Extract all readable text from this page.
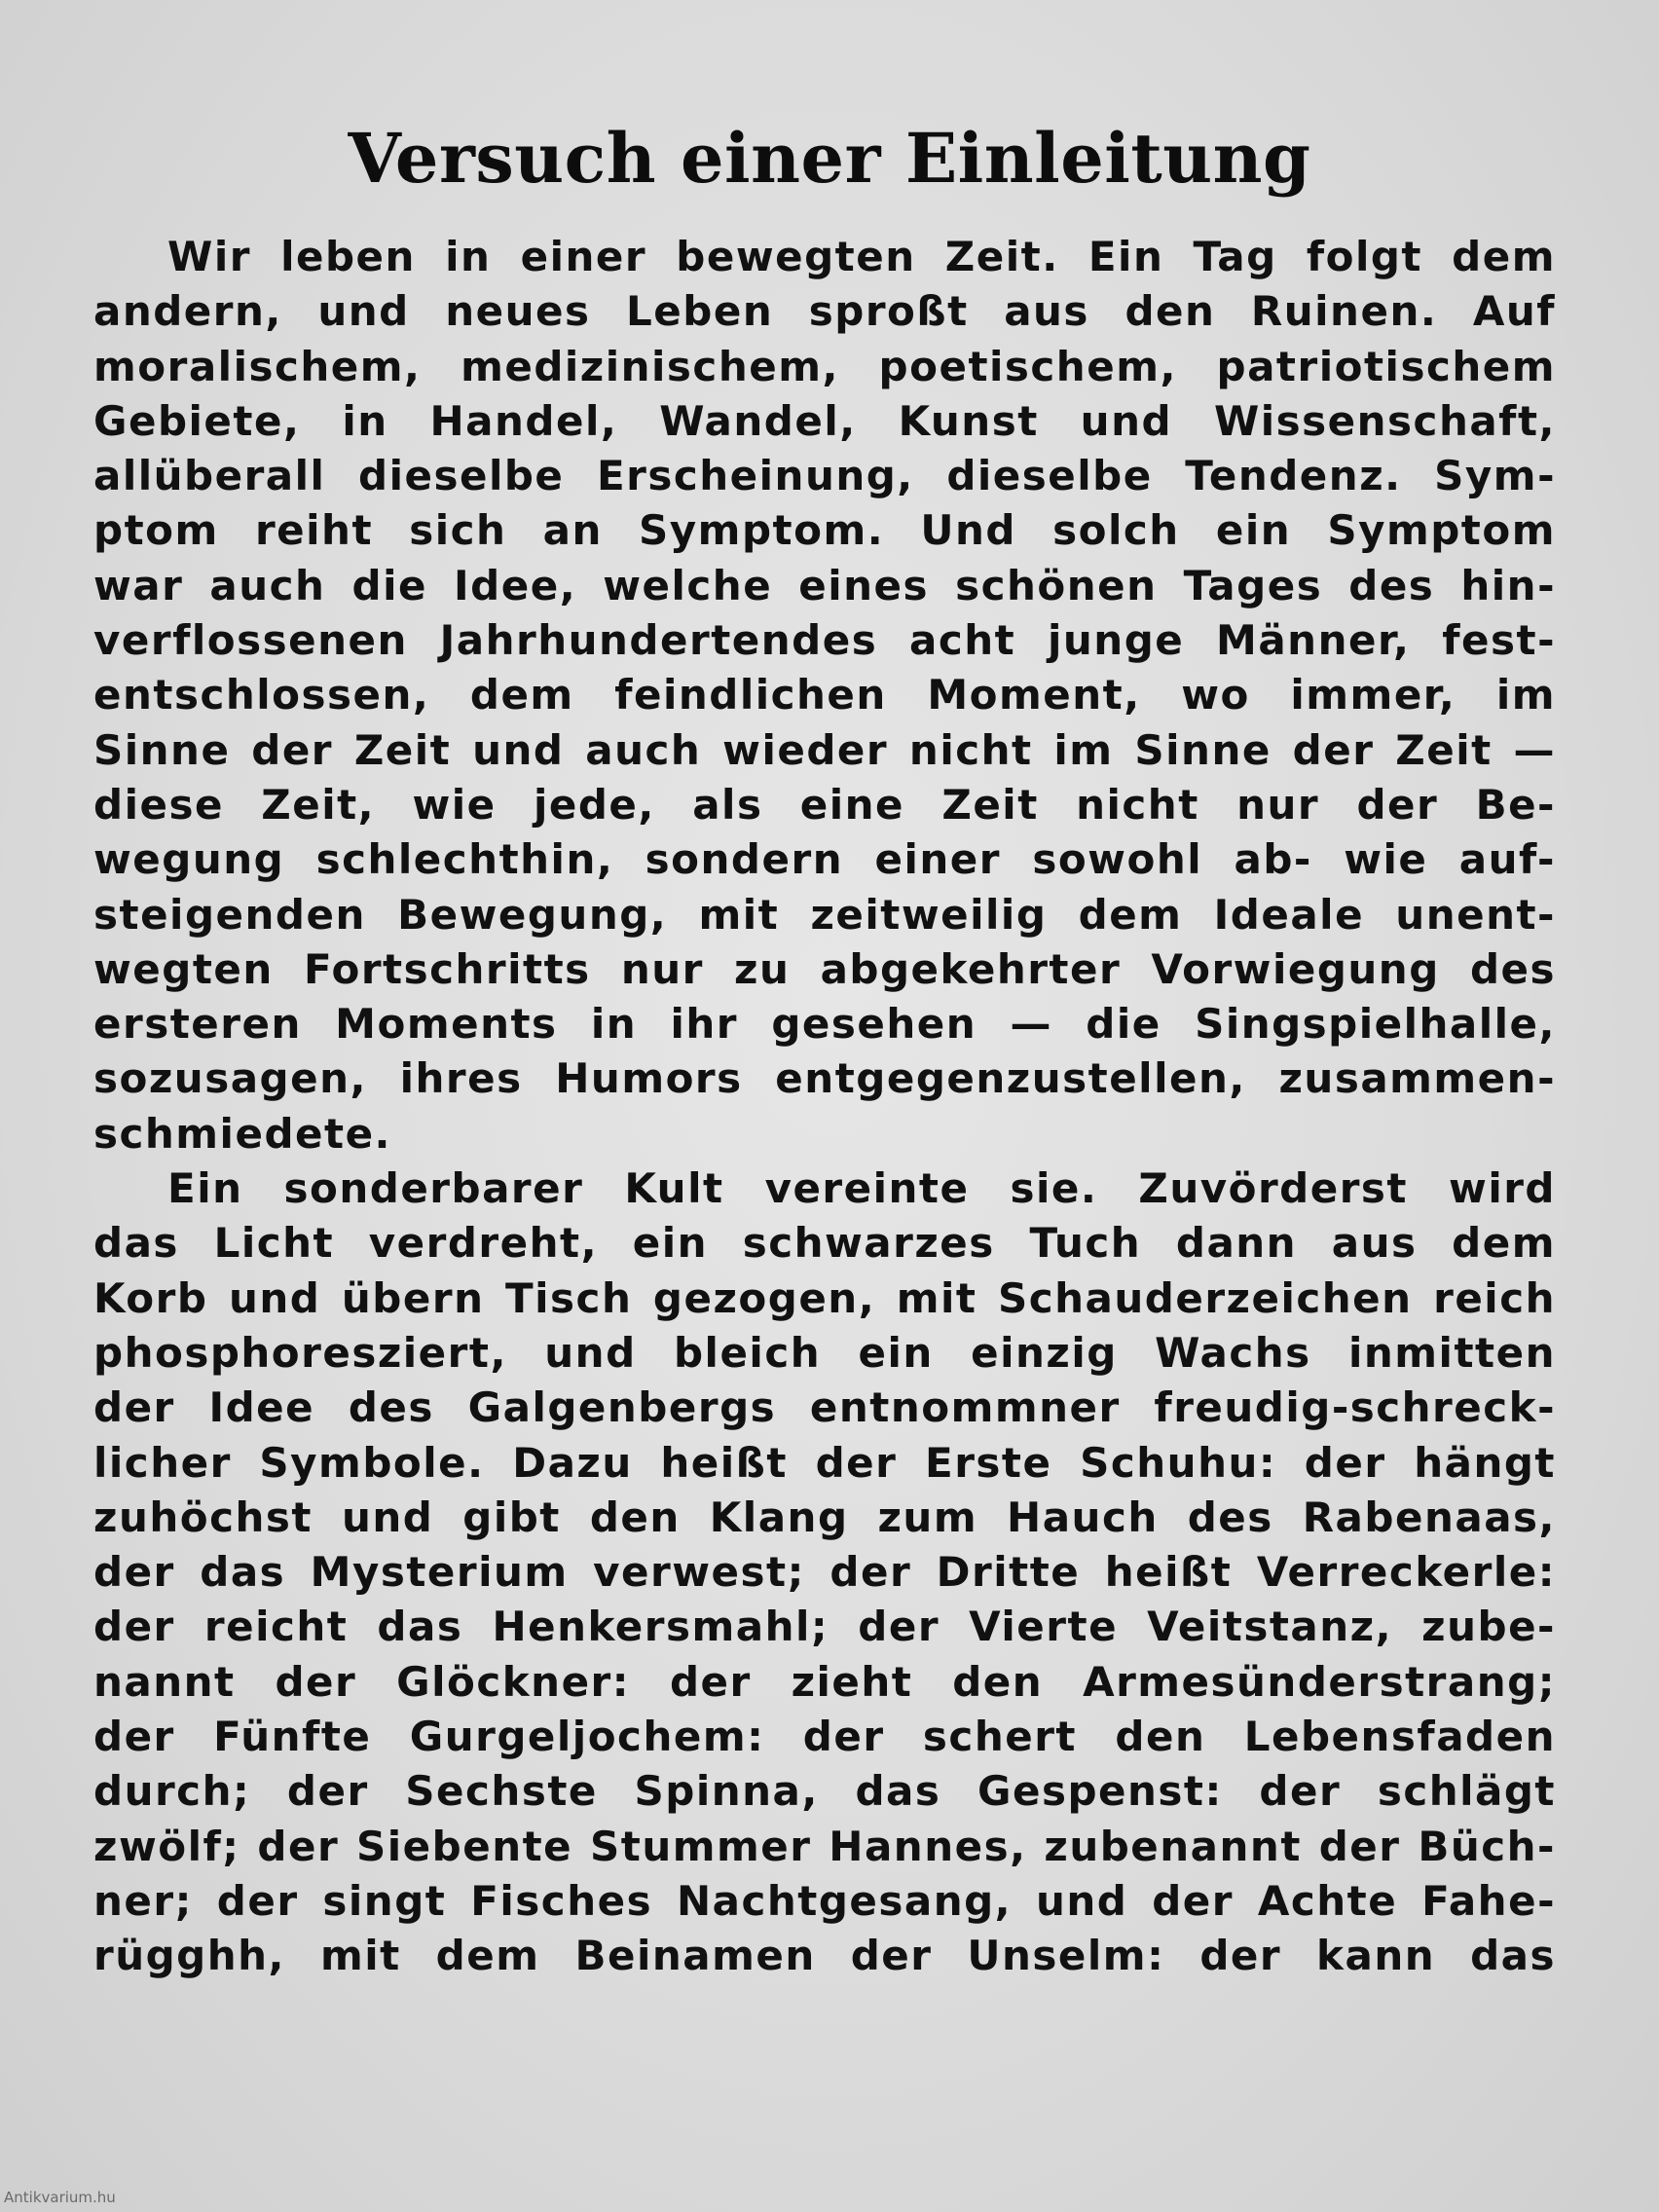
Versuch einer Einleitung
Wir leben in einer bewegten Zeit. Ein Tag folgt dem
andern, und neues Leben sproßt aus den Ruinen. Auf
moralischem, medizinischem, poetischem, patriotischem
Gebiete, in Handel, Wandel, Kunst und Wissenschaft,
allüberall dieselbe Erscheinung, dieselbe Tendenz. Sym-
ptom reiht sich an Symptom. Und solch ein Symptom
war auch die Idee, welche eines schönen Tages des hin-
verflossenen Jahrhundertendes acht junge Männer, fest-
entschlossen, dem feindlichen Moment, wo immer, im
Sinne der Zeit und auch wieder nicht im Sinne der Zeit —
diese Zeit, wie jede, als eine Zeit nicht nur der Be-
wegung schlechthin, sondern einer sowohl ab- wie auf-
steigenden Bewegung, mit zeitweilig dem Ideale unent-
wegten Fortschritts nur zu abgekehrter Vorwiegung des
ersteren Moments in ihr gesehen — die Singspielhalle,
sozusagen, ihres Humors entgegenzustellen, zusammen-
schmiedete.
Ein sonderbarer Kult vereinte sie. Zuvörderst wird
das Licht verdreht, ein schwarzes Tuch dann aus dem
Korb und übern Tisch gezogen, mit Schauderzeichen reich
phosphoresziert, und bleich ein einzig Wachs inmitten
der Idee des Galgenbergs entnommner freudig-schreck-
licher Symbole. Dazu heißt der Erste Schuhu: der hängt
zuhöchst und gibt den Klang zum Hauch des Rabenaas,
der das Mysterium verwest; der Dritte heißt Verreckerle:
der reicht das Henkersmahl; der Vierte Veitstanz, zube-
nannt der Glöckner: der zieht den Armesünderstrang;
der Fünfte Gurgeljochem: der schert den Lebensfaden
durch; der Sechste Spinna, das Gespenst: der schlägt
zwölf; der Siebente Stummer Hannes, zubenannt der Büch-
ner; der singt Fisches Nachtgesang, und der Achte Fahe-
rügghh, mit dem Beinamen der Unselm: der kann das
Antikvarium.hu
